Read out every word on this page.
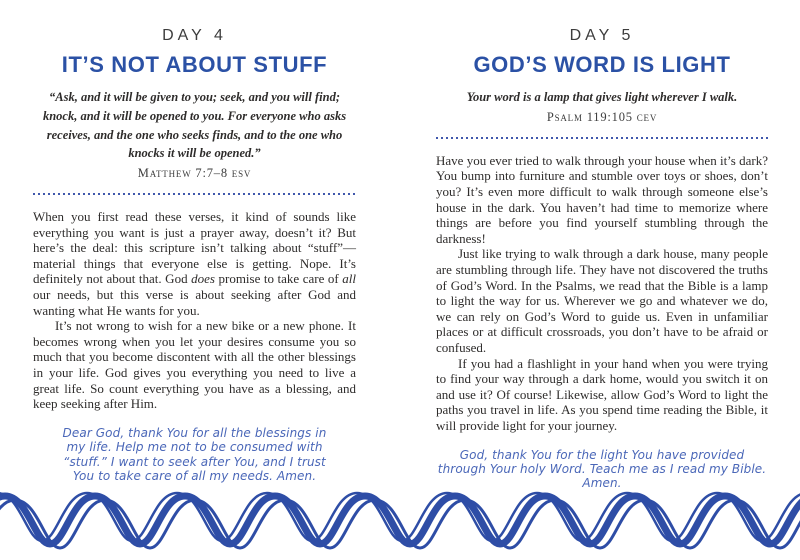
DAY 4
IT’S NOT ABOUT STUFF

“Ask, and it will be given to you; seek, and you will find; knock, and it will be opened to you. For everyone who asks receives, and the one who seeks finds, and to the one who knocks it will be opened.”

Matthew 7:7–8 esv

When you first read these verses, it kind of sounds like everything you want is just a prayer away, doesn’t it? But here’s the deal: this scripture isn’t talking about “stuff”—material things that everyone else is getting. Nope. It’s definitely not about that. God does promise to take care of all our needs, but this verse is about seeking after God and wanting what He wants for you.

It’s not wrong to wish for a new bike or a new phone. It becomes wrong when you let your desires consume you so much that you become discontent with all the other blessings in your life. God gives you everything you need to live a great life. So count everything you have as a blessing, and keep seeking after Him.

Dear God, thank You for all the blessings in my life. Help me not to be consumed with “stuff.” I want to seek after You, and I trust You to take care of all my needs. Amen.

DAY 5
GOD’S WORD IS LIGHT

Your word is a lamp that gives light wherever I walk.

Psalm 119:105 cev

Have you ever tried to walk through your house when it’s dark? You bump into furniture and stumble over toys or shoes, don’t you? It’s even more difficult to walk through someone else’s house in the dark. You haven’t had time to memorize where things are before you find yourself stumbling through the darkness!

Just like trying to walk through a dark house, many people are stumbling through life. They have not discovered the truths of God’s Word. In the Psalms, we read that the Bible is a lamp to light the way for us. Wherever we go and whatever we do, we can rely on God’s Word to guide us. Even in unfamiliar places or at difficult crossroads, you don’t have to be afraid or confused.

If you had a flashlight in your hand when you were trying to find your way through a dark home, would you switch it on and use it? Of course! Likewise, allow God’s Word to light the paths you travel in life. As you spend time reading the Bible, it will provide light for your journey.

God, thank You for the light You have provided through Your holy Word. Teach me as I read my Bible. Amen.
